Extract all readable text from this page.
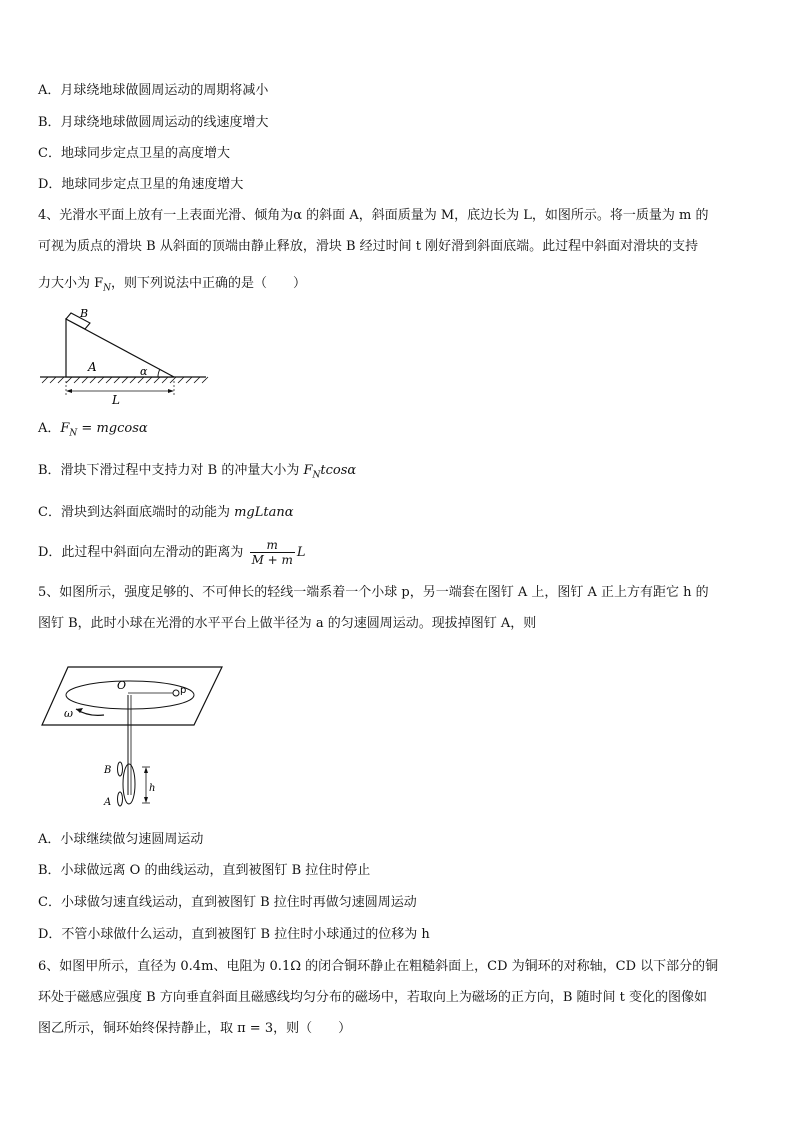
A．月球绕地球做圆周运动的周期将减小
B．月球绕地球做圆周运动的线速度增大
C．地球同步定点卫星的高度增大
D．地球同步定点卫星的角速度增大
4、光滑水平面上放有一上表面光滑、倾角为α 的斜面 A，斜面质量为 M，底边长为 L，如图所示。将一质量为 m 的
可视为质点的滑块 B 从斜面的顶端由静止释放，滑块 B 经过时间 t 刚好滑到斜面底端。此过程中斜面对滑块的支持
力大小为 $F_N$，则下列说法中正确的是（　　）
B
A	α
L
A．$F_N = mgcos\alpha$
B．滑块下滑过程中支持力对 B 的冲量大小为 $F_Ntcos\alpha$
C．滑块到达斜面底端时的动能为 mgLtanα
D．此过程中斜面向左滑动的距离为 $\frac{m}{M + m}$ L
5、如图所示，强度足够的、不可伸长的轻线一端系着一个小球 p，另一端套在图钉 A 上，图钉 A 正上方有距它 h 的
图钉 B，此时小球在光滑的水平平台上做半径为 a 的匀速圆周运动。现拔掉图钉 A，则
O	p
ω
B
A
h
A．小球继续做匀速圆周运动
B．小球做远离 O 的曲线运动，直到被图钉 B 拉住时停止
C．小球做匀速直线运动，直到被图钉 B 拉住时再做匀速圆周运动
D．不管小球做什么运动，直到被图钉 B 拉住时小球通过的位移为 h
6、如图甲所示，直径为 0.4m、电阻为 0.1Ω 的闭合铜环静止在粗糙斜面上，CD 为铜环的对称轴，CD 以下部分的铜
环处于磁感应强度 B 方向垂直斜面且磁感线均匀分布的磁场中，若取向上为磁场的正方向，B 随时间 t 变化的图像如
图乙所示，铜环始终保持静止，取 π = 3，则（　　）
